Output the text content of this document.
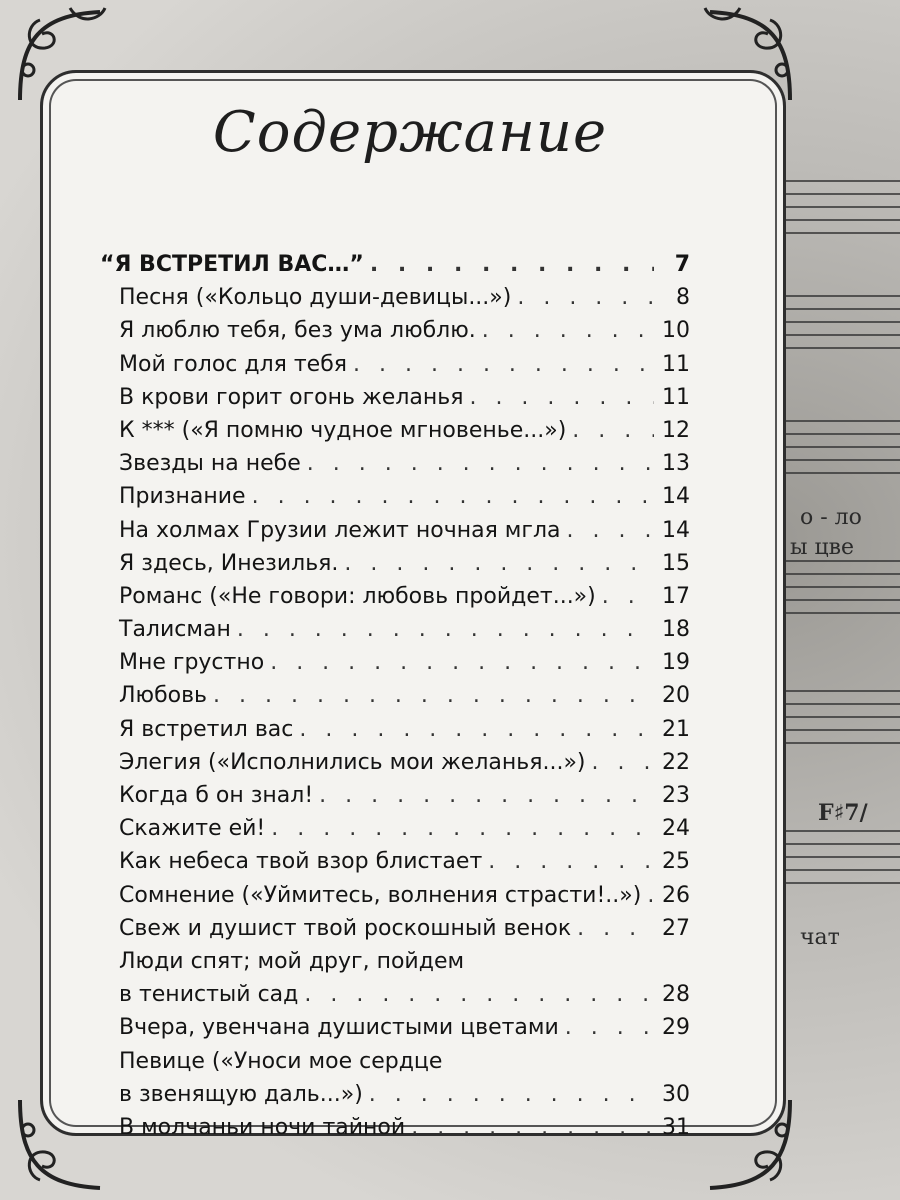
о - ло
ы цве
чат
F♯7/
Содержание
“Я ВСТРЕТИЛ ВАС…” . . .	7
Песня («Кольцо души-девицы...») . . .	8
Я люблю тебя, без ума люблю. . . .	10
Мой голос для тебя . . .	11
В крови горит огонь желанья . . .	11
К *** («Я помню чудное мгновенье...») . . .	12
Звезды на небе . . .	13
Признание . . .	14
На холмах Грузии лежит ночная мгла . . .	14
Я здесь, Инезилья. . . .	15
Романс («Не говори: любовь пройдет...») . . .	17
Талисман . . .	18
Мне грустно . . .	19
Любовь . . .	20
Я встретил вас . . .	21
Элегия («Исполнились мои желанья...») . . .	22
Когда б он знал! . . .	23
Скажите ей! . . .	24
Как небеса твой взор блистает . . .	25
Сомнение («Уймитесь, волнения страсти!..») . . . 26
Свеж и душист твой роскошный венок . . .	27
Люди спят; мой друг, пойдем
в тенистый сад . . .	28
Вчера, увенчана душистыми цветами . . .	29
Певице («Уноси мое сердце
в звенящую даль...») . . .	30
В молчаньи ночи тайной . . .	31
